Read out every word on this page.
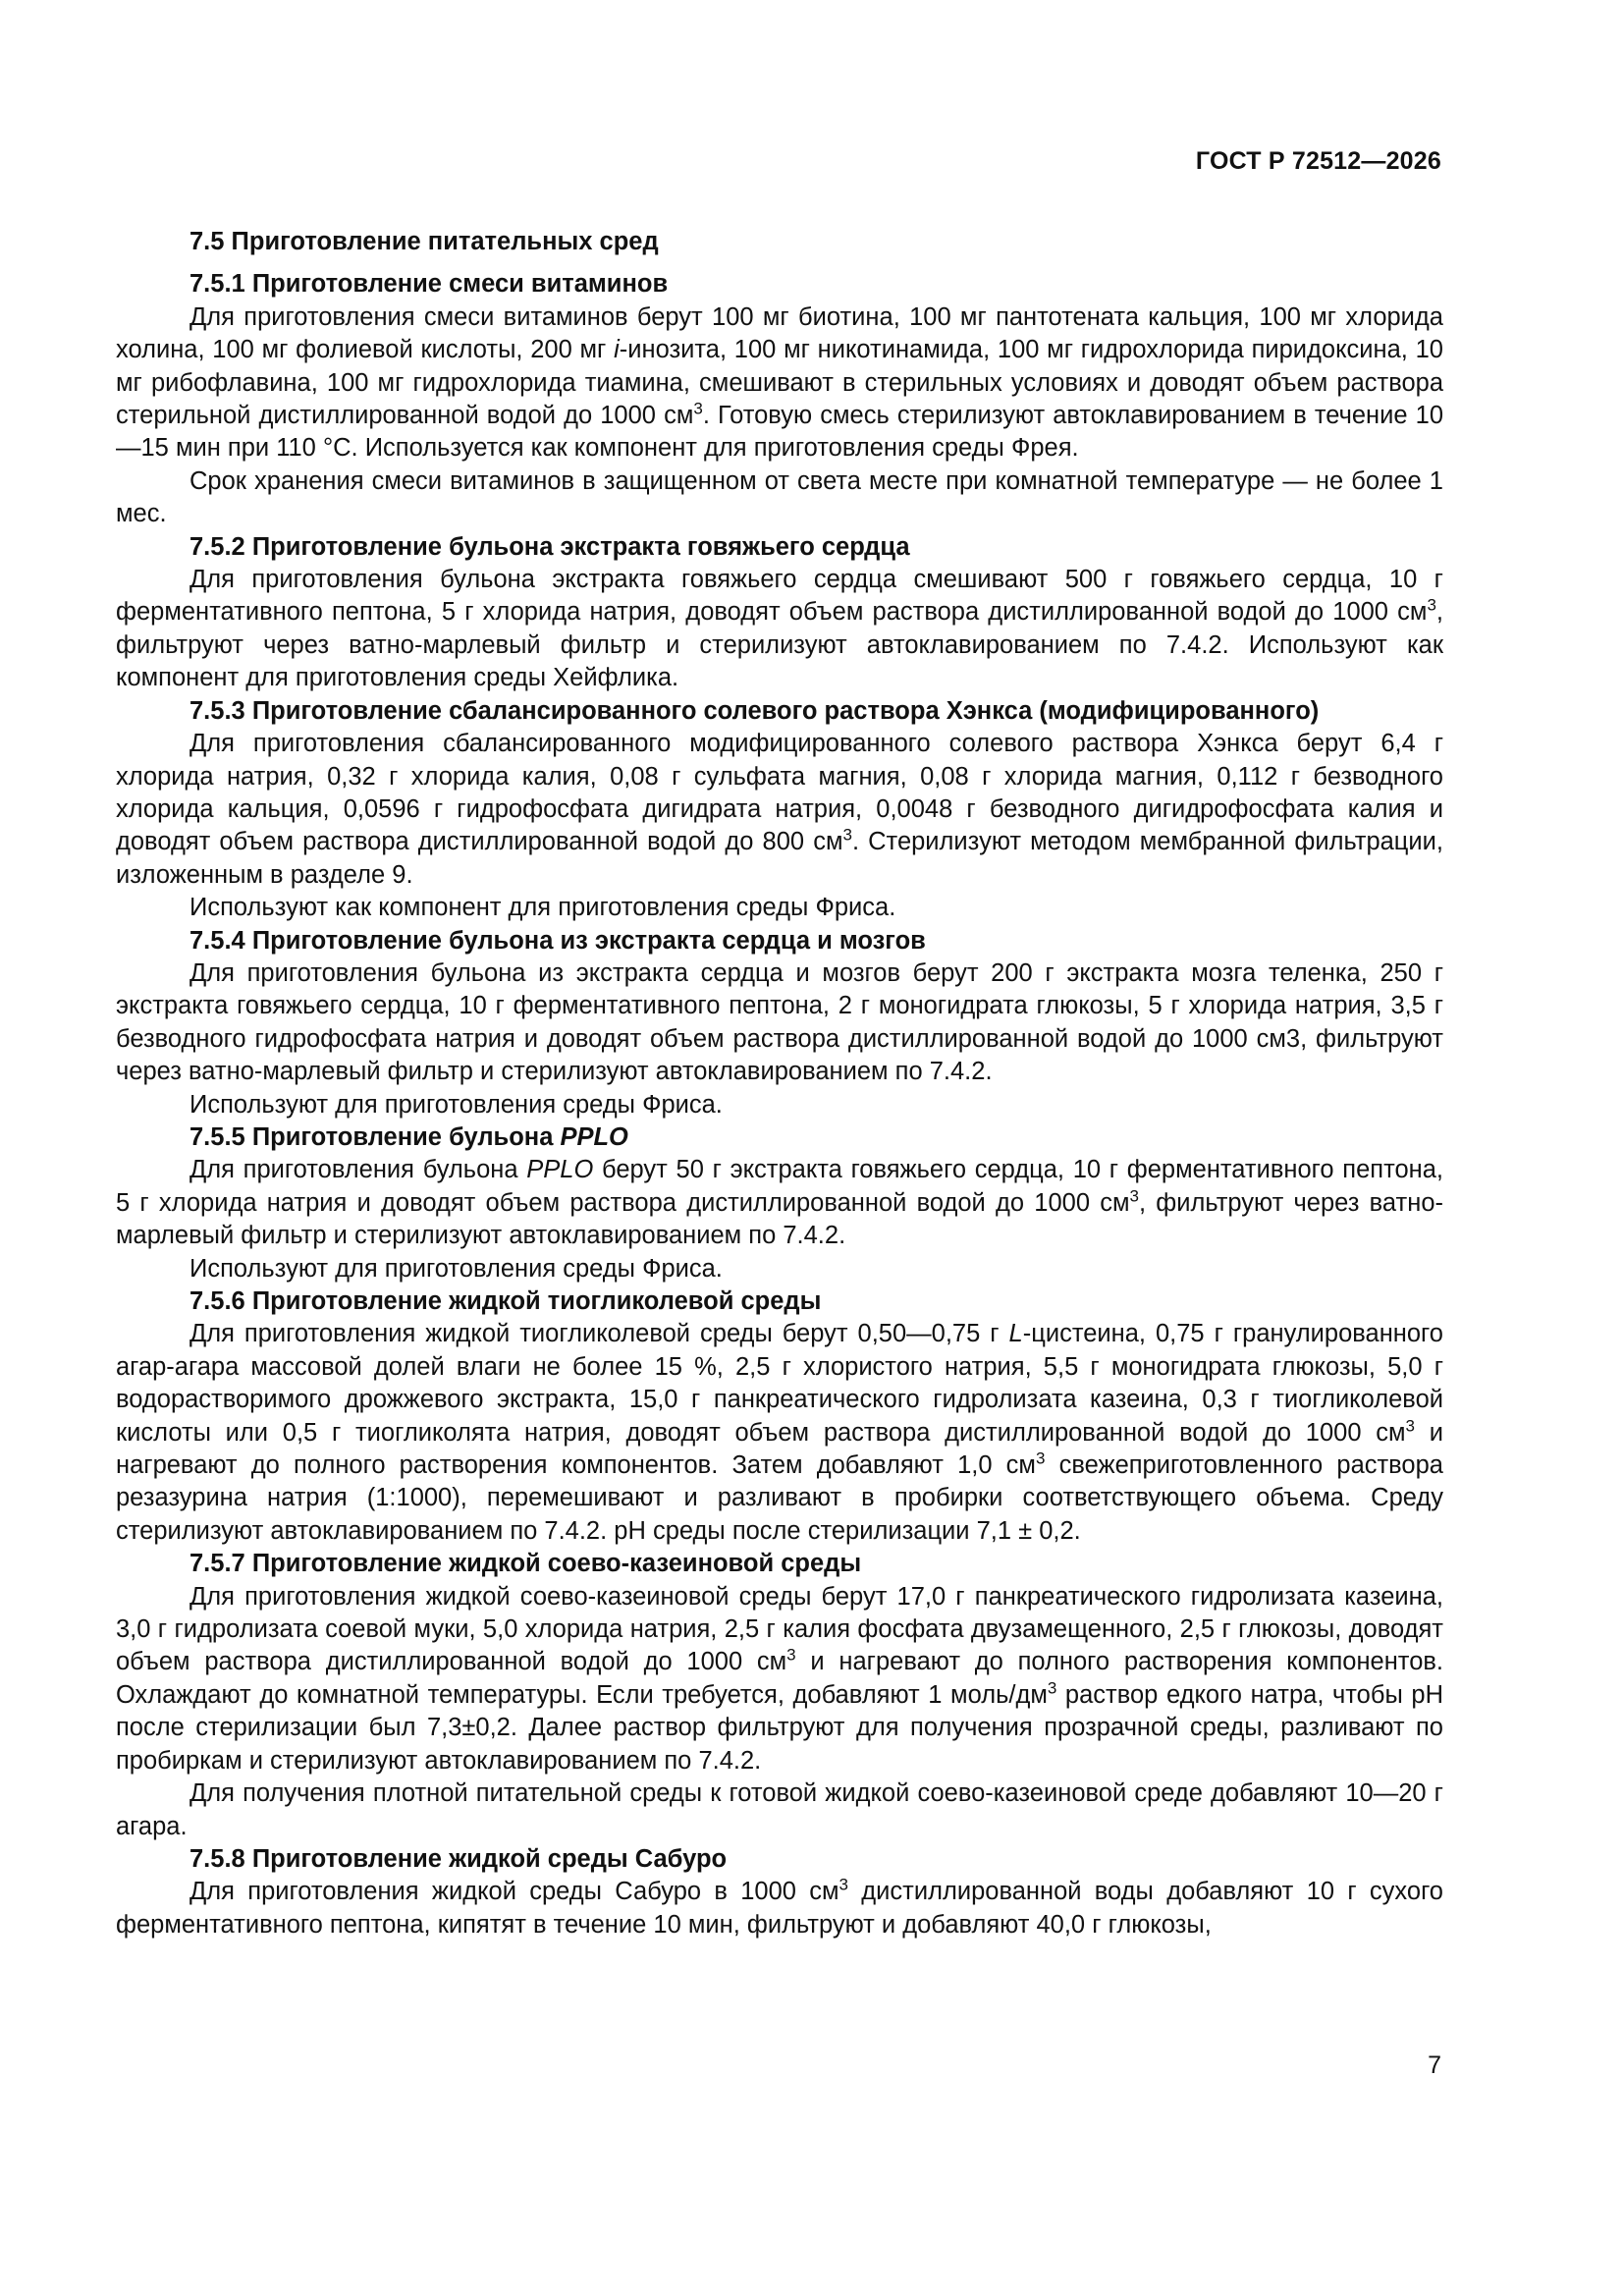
ГОСТ Р 72512—2026
7.5 Приготовление питательных сред
7.5.1 Приготовление смеси витаминов

Для приготовления смеси витаминов берут 100 мг биотина, 100 мг пантотената кальция, 100 мг хлорида холина, 100 мг фолиевой кислоты, 200 мг i-инозита, 100 мг никотинамида, 100 мг гидрохлорида пиридоксина, 10 мг рибофлавина, 100 мг гидрохлорида тиамина, смешивают в стерильных условиях и доводят объем раствора стерильной дистиллированной водой до 1000 $см^3$. Готовую смесь стерилизуют автоклавированием в течение 10—15 мин при 110 °С. Используется как компонент для приготовления среды Фрея.

Срок хранения смеси витаминов в защищенном от света месте при комнатной температуре — не более 1 мес.

7.5.2 Приготовление бульона экстракта говяжьего сердца

Для приготовления бульона экстракта говяжьего сердца смешивают 500 г говяжьего сердца, 10 г ферментативного пептона, 5 г хлорида натрия, доводят объем раствора дистиллированной водой до 1000 $см^3$, фильтруют через ватно-марлевый фильтр и стерилизуют автоклавированием по 7.4.2. Используют как компонент для приготовления среды Хейфлика.

7.5.3 Приготовление сбалансированного солевого раствора Хэнкса (модифицированного)

Для приготовления сбалансированного модифицированного солевого раствора Хэнкса берут 6,4 г хлорида натрия, 0,32 г хлорида калия, 0,08 г сульфата магния, 0,08 г хлорида магния, 0,112 г безводного хлорида кальция, 0,0596 г гидрофосфата дигидрата натрия, 0,0048 г безводного дигидрофосфата калия и доводят объем раствора дистиллированной водой до 800 $см^3$. Стерилизуют методом мембранной фильтрации, изложенным в разделе 9.

Используют как компонент для приготовления среды Фриса.

7.5.4 Приготовление бульона из экстракта сердца и мозгов

Для приготовления бульона из экстракта сердца и мозгов берут 200 г экстракта мозга теленка, 250 г экстракта говяжьего сердца, 10 г ферментативного пептона, 2 г моногидрата глюкозы, 5 г хлорида натрия, 3,5 г безводного гидрофосфата натрия и доводят объем раствора дистиллированной водой до 1000 см3, фильтруют через ватно-марлевый фильтр и стерилизуют автоклавированием по 7.4.2.

Используют для приготовления среды Фриса.

7.5.5 Приготовление бульона PPLO

Для приготовления бульона PPLO берут 50 г экстракта говяжьего сердца, 10 г ферментативного пептона, 5 г хлорида натрия и доводят объем раствора дистиллированной водой до 1000 $см^3$, фильтруют через ватно-марлевый фильтр и стерилизуют автоклавированием по 7.4.2.

Используют для приготовления среды Фриса.

7.5.6 Приготовление жидкой тиогликолевой среды

Для приготовления жидкой тиогликолевой среды берут 0,50—0,75 г L-цистеина, 0,75 г гранулированного агар-агара массовой долей влаги не более 15 %, 2,5 г хлористого натрия, 5,5 г моногидрата глюкозы, 5,0 г водорастворимого дрожжевого экстракта, 15,0 г панкреатического гидролизата казеина, 0,3 г тиогликолевой кислоты или 0,5 г тиогликолята натрия, доводят объем раствора дистиллированной водой до 1000 $см^3$ и нагревают до полного растворения компонентов. Затем добавляют 1,0 $см^3$ свежеприготовленного раствора резазурина натрия (1:1000), перемешивают и разливают в пробирки соответствующего объема. Среду стерилизуют автоклавированием по 7.4.2. pH среды после стерилизации 7,1 ± 0,2.

7.5.7 Приготовление жидкой соево-казеиновой среды

Для приготовления жидкой соево-казеиновой среды берут 17,0 г панкреатического гидролизата казеина, 3,0 г гидролизата соевой муки, 5,0 хлорида натрия, 2,5 г калия фосфата двузамещенного, 2,5 г глюкозы, доводят объем раствора дистиллированной водой до 1000 $см^3$ и нагревают до полного растворения компонентов. Охлаждают до комнатной температуры. Если требуется, добавляют 1 моль/$дм^3$ раствор едкого натра, чтобы pH после стерилизации был 7,3±0,2. Далее раствор фильтруют для получения прозрачной среды, разливают по пробиркам и стерилизуют автоклавированием по 7.4.2.

Для получения плотной питательной среды к готовой жидкой соево-казеиновой среде добавляют 10—20 г агара.

7.5.8 Приготовление жидкой среды Сабуро

Для приготовления жидкой среды Сабуро в 1000 $см^3$ дистиллированной воды добавляют 10 г сухого ферментативного пептона, кипятят в течение 10 мин, фильтруют и добавляют 40,0 г глюкозы,

7
